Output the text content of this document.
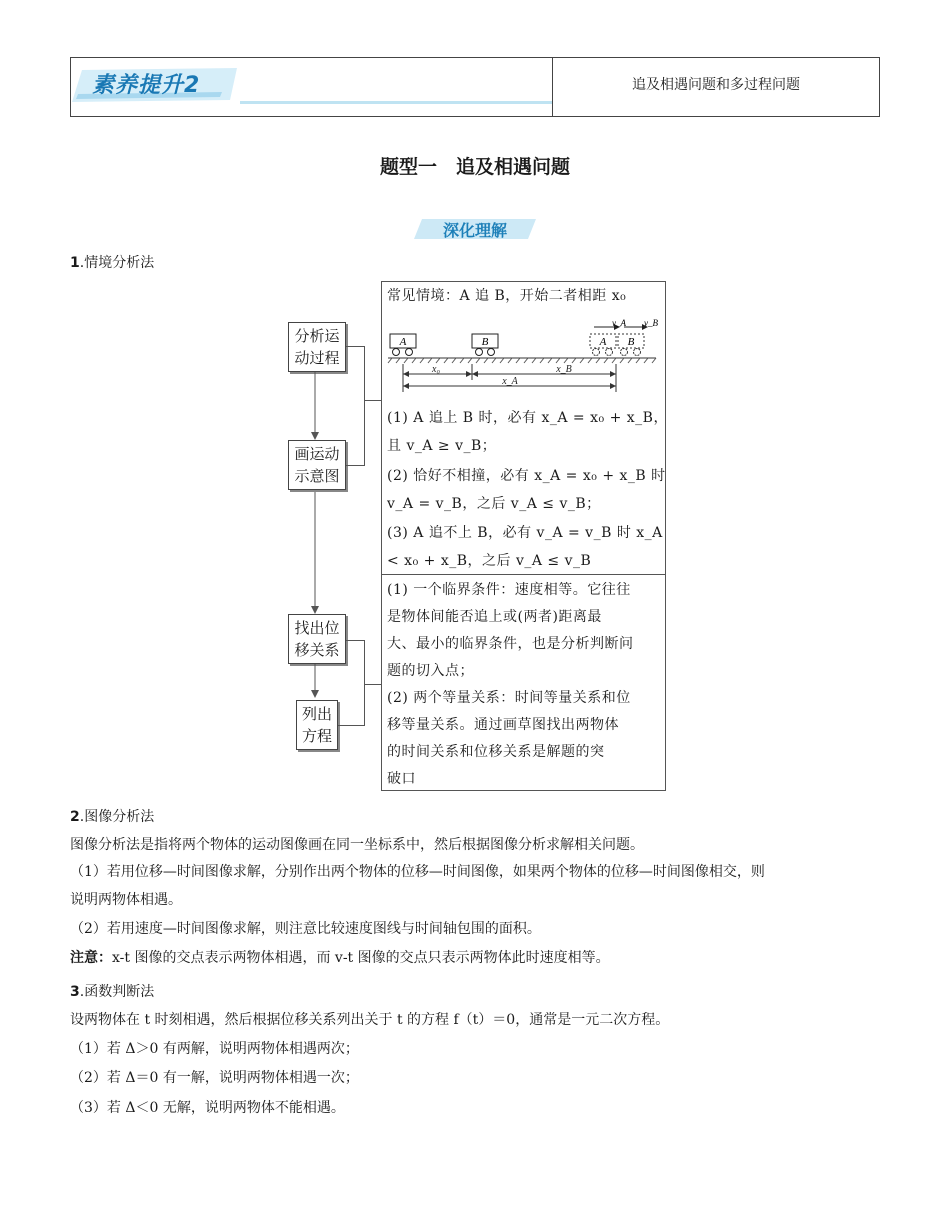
素养提升2	追及相遇问题和多过程问题
题型一　追及相遇问题
深化理解
1.情境分析法
分析运动过程
画运动示意图
找出位移关系
列出方程
常见情境：A 追 B，开始二者相距 x₀
A	B	A B
v_A v_B
x₀	x_B
x_A
(1) A 追上 B 时，必有 x_A = x₀ + x_B，
且 v_A ≥ v_B；
(2) 恰好不相撞，必有 x_A = x₀ + x_B 时
v_A = v_B，之后 v_A ≤ v_B；
(3) A 追不上 B，必有 v_A = v_B 时 x_A
< x₀ + x_B，之后 v_A ≤ v_B
(1) 一个临界条件：速度相等。它往往
是物体间能否追上或(两者)距离最
大、最小的临界条件，也是分析判断问
题的切入点；
(2) 两个等量关系：时间等量关系和位
移等量关系。通过画草图找出两物体
的时间关系和位移关系是解题的突
破口
2.图像分析法
图像分析法是指将两个物体的运动图像画在同一坐标系中，然后根据图像分析求解相关问题。
（1）若用位移—时间图像求解，分别作出两个物体的位移—时间图像，如果两个物体的位移—时间图像相交，则
说明两物体相遇。
（2）若用速度—时间图像求解，则注意比较速度图线与时间轴包围的面积。
注意：x-t 图像的交点表示两物体相遇，而 v-t 图像的交点只表示两物体此时速度相等。
3.函数判断法
设两物体在 t 时刻相遇，然后根据位移关系列出关于 t 的方程 f（t）＝0，通常是一元二次方程。
（1）若 Δ＞0 有两解，说明两物体相遇两次；
（2）若 Δ＝0 有一解，说明两物体相遇一次；
（3）若 Δ＜0 无解，说明两物体不能相遇。
